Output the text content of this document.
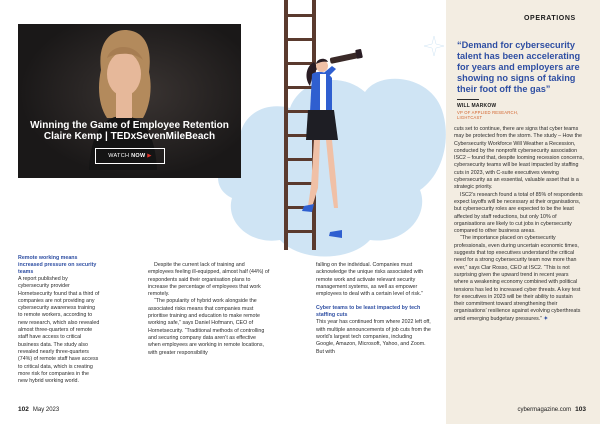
OPERATIONS
Winning the Game of Employee Retention
Claire Kemp | TEDxSevenMileBeach
WATCH NOW ▶
“Demand for cybersecurity talent has been accelerating for years and employers are showing no signs of taking their foot off the gas”
WILL MARKOW
VP OF APPLIED RESEARCH, LIGHTCAST

Remote working means increased pressure on security teams

A report published by cybersecurity provider Hornetsecurity found that a third of companies are not providing any cybersecurity awareness training to remote workers, according to new research, which also revealed almost three-quarters of remote staff have access to critical business data. The study also revealed nearly three-quarters (74%) of remote staff have access to critical data, which is creating more risk for companies in the new hybrid working world.

Despite the current lack of training and employees feeling ill-equipped, almost half (44%) of respondents said their organisation plans to increase the percentage of employees that work remotely.

“The popularity of hybrid work alongside the associated risks means that companies must prioritise training and education to make remote working safe,” says Daniel Hofmann, CEO of Hornetsecurity. “Traditional methods of controlling and securing company data aren’t as effective when employees are working in remote locations, with greater responsibility

falling on the individual. Companies must acknowledge the unique risks associated with remote work and activate relevant security management systems, as well as empower employees to deal with a certain level of risk.”

Cyber teams to be least impacted by tech staffing cuts

This year has continued from where 2022 left off, with multiple announcements of job cuts from the world’s largest tech companies, including Google, Amazon, Microsoft, Yahoo, and Zoom. But with

cuts set to continue, there are signs that cyber teams may be protected from the storm. The study – How the Cybersecurity Workforce Will Weather a Recession, conducted by the nonprofit cybersecurity association ISC2 – found that, despite looming recession concerns, cybersecurity teams will be least impacted by staffing cuts in 2023, with C-suite executives viewing cybersecurity as an essential, valuable asset that is a strategic priority.

ISC2’s research found a total of 85% of respondents expect layoffs will be necessary at their organisations, but cybersecurity roles are expected to be the least affected by staff reductions, but only 10% of organisations are likely to cut jobs in cybersecurity compared to other business areas.

“The importance placed on cybersecurity professionals, even during uncertain economic times, suggests that top executives understand the critical need for a strong cybersecurity team now more than ever,” says Clar Rosso, CEO at ISC2. “This is not surprising given the upward trend in recent years where a weakening economy combined with political tensions has led to increased cyber threats. A key test for executives in 2023 will be their ability to sustain their commitment toward strengthening their organisations’ resilience against evolving cyberthreats amid emerging budgetary pressures.” ✦

102 May 2023	cybermagazine.com 103
